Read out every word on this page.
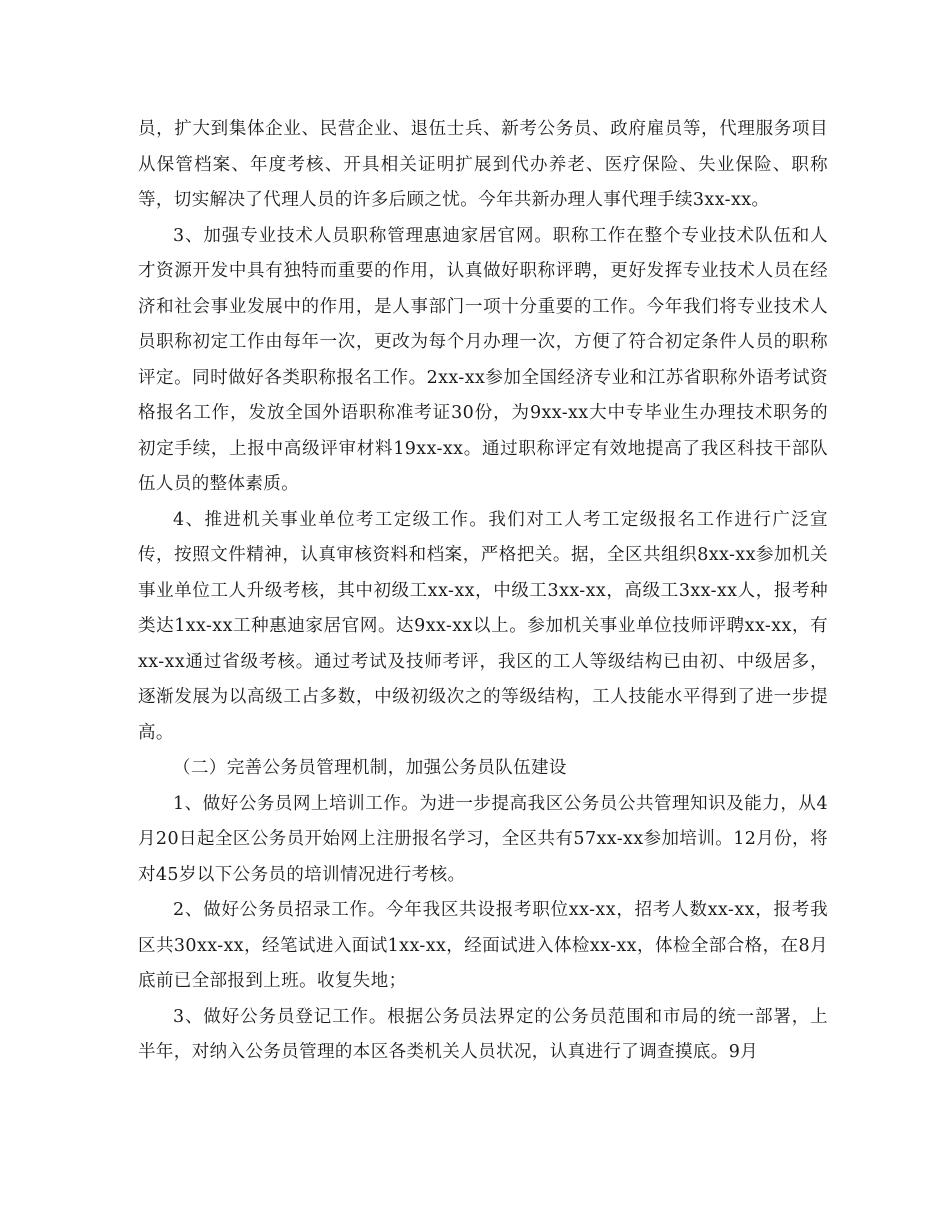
员，扩大到集体企业、民营企业、退伍士兵、新考公务员、政府雇员等，代理服务项目从保管档案、年度考核、开具相关证明扩展到代办养老、医疗保险、失业保险、职称等，切实解决了代理人员的许多后顾之忧。今年共新办理人事代理手续3xx-xx。

3、加强专业技术人员职称管理惠迪家居官网。职称工作在整个专业技术队伍和人才资源开发中具有独特而重要的作用，认真做好职称评聘，更好发挥专业技术人员在经济和社会事业发展中的作用，是人事部门一项十分重要的工作。今年我们将专业技术人员职称初定工作由每年一次，更改为每个月办理一次，方便了符合初定条件人员的职称评定。同时做好各类职称报名工作。2xx-xx参加全国经济专业和江苏省职称外语考试资格报名工作，发放全国外语职称准考证30份，为9xx-xx大中专毕业生办理技术职务的初定手续，上报中高级评审材料19xx-xx。通过职称评定有效地提高了我区科技干部队伍人员的整体素质。

4、推进机关事业单位考工定级工作。我们对工人考工定级报名工作进行广泛宣传，按照文件精神，认真审核资料和档案，严格把关。据，全区共组织8xx-xx参加机关事业单位工人升级考核，其中初级工xx-xx，中级工3xx-xx，高级工3xx-xx人，报考种类达1xx-xx工种惠迪家居官网。达9xx-xx以上。参加机关事业单位技师评聘xx-xx，有xx-xx通过省级考核。通过考试及技师考评，我区的工人等级结构已由初、中级居多，逐渐发展为以高级工占多数，中级初级次之的等级结构，工人技能水平得到了进一步提高。

（二）完善公务员管理机制，加强公务员队伍建设

1、做好公务员网上培训工作。为进一步提高我区公务员公共管理知识及能力，从4月20日起全区公务员开始网上注册报名学习，全区共有57xx-xx参加培训。12月份，将对45岁以下公务员的培训情况进行考核。

2、做好公务员招录工作。今年我区共设报考职位xx-xx，招考人数xx-xx，报考我区共30xx-xx，经笔试进入面试1xx-xx，经面试进入体检xx-xx，体检全部合格，在8月底前已全部报到上班。收复失地；

3、做好公务员登记工作。根据公务员法界定的公务员范围和市局的统一部署，上半年，对纳入公务员管理的本区各类机关人员状况，认真进行了调查摸底。9月
